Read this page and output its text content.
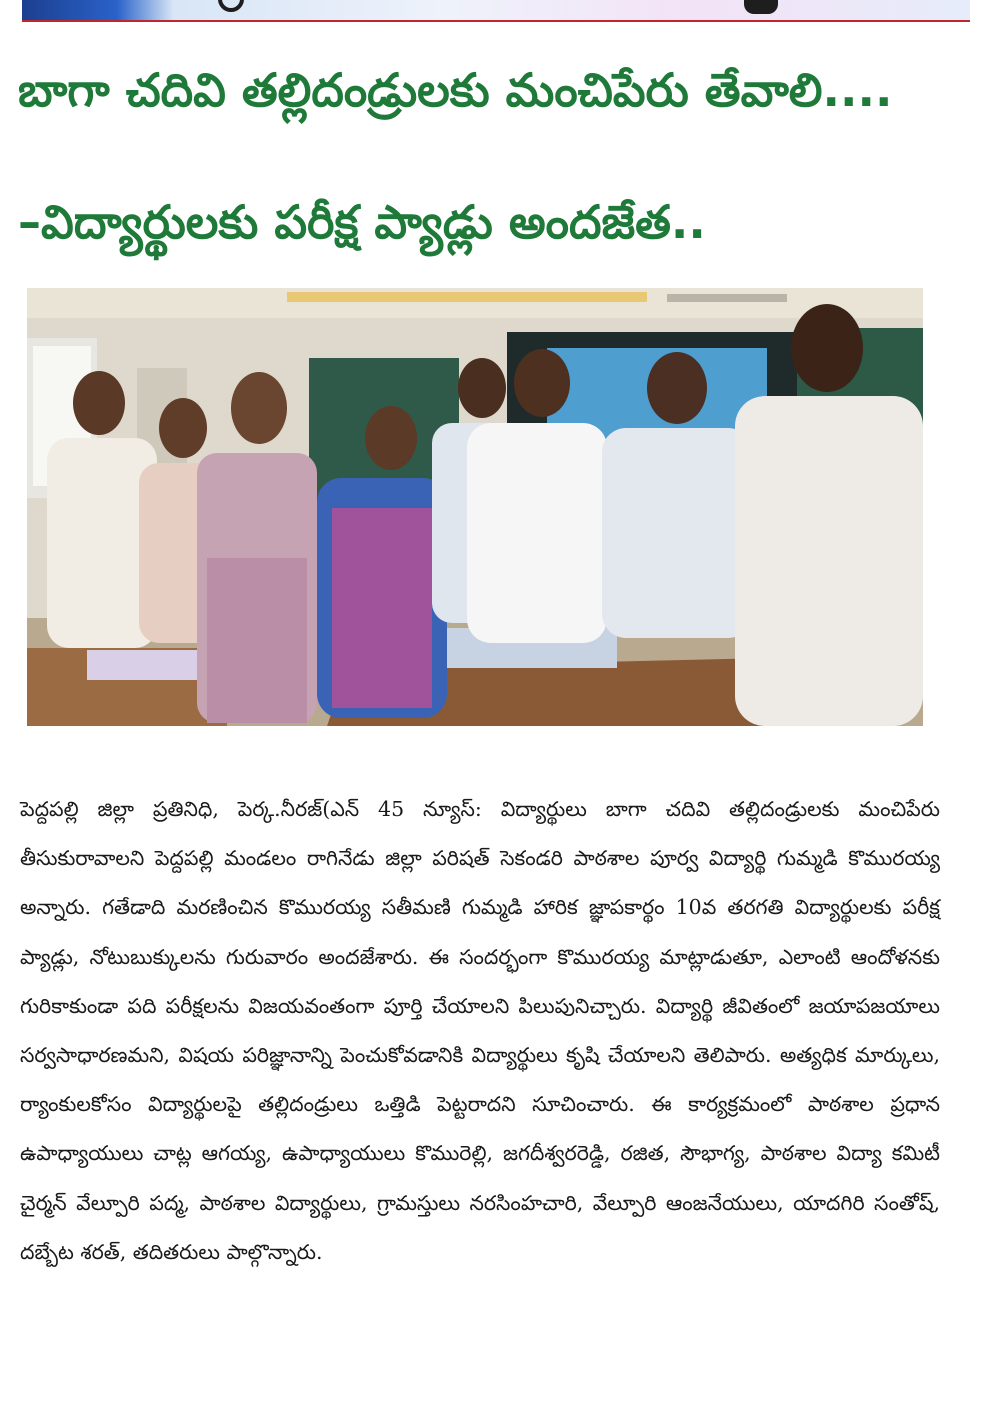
బాగా చదివి తల్లిదండ్రులకు మంచిపేరు తేవాలి....
–విద్యార్థులకు పరీక్ష ప్యాడ్లు అందజేత..

పెద్దపల్లి జిల్లా ప్రతినిధి, పెర్క.నీరజ్(ఎన్ 45 న్యూస్: విద్యార్థులు బాగా చదివి తల్లిదండ్రులకు మంచిపేరు తీసుకురావాలని పెద్దపల్లి మండలం రాగినేడు జిల్లా పరిషత్ సెకండరి పాఠశాల పూర్వ విద్యార్థి గుమ్మడి కొమురయ్య అన్నారు. గతేడాది మరణించిన కొమురయ్య సతీమణి గుమ్మడి హారిక జ్ఞాపకార్థం 10వ తరగతి విద్యార్థులకు పరీక్ష ప్యాడ్లు, నోటుబుక్కులను గురువారం అందజేశారు. ఈ సందర్భంగా కొమురయ్య మాట్లాడుతూ, ఎలాంటి ఆందోళనకు గురికాకుండా పది పరీక్షలను విజయవంతంగా పూర్తి చేయాలని పిలుపునిచ్చారు. విద్యార్థి జీవితంలో జయాపజయాలు సర్వసాధారణమని, విషయ పరిజ్ఞానాన్ని పెంచుకోవడానికి విద్యార్థులు కృషి చేయాలని తెలిపారు. అత్యధిక మార్కులు, ర్యాంకులకోసం విద్యార్థులపై తల్లిదండ్రులు ఒత్తిడి పెట్టరాదని సూచించారు. ఈ కార్యక్రమంలో పాఠశాల ప్రధాన ఉపాధ్యాయులు చాట్ల ఆగయ్య, ఉపాధ్యాయులు కొమురెల్లి, జగదీశ్వరరెడ్డి, రజిత, సౌభాగ్య, పాఠశాల విద్యా కమిటీ చైర్మన్ వేల్పూరి పద్మ, పాఠశాల విద్యార్థులు, గ్రామస్తులు నరసింహచారి, వేల్పూరి ఆంజనేయులు, యాదగిరి సంతోష్, దబ్బేట శరత్, తదితరులు పాల్గొన్నారు.
